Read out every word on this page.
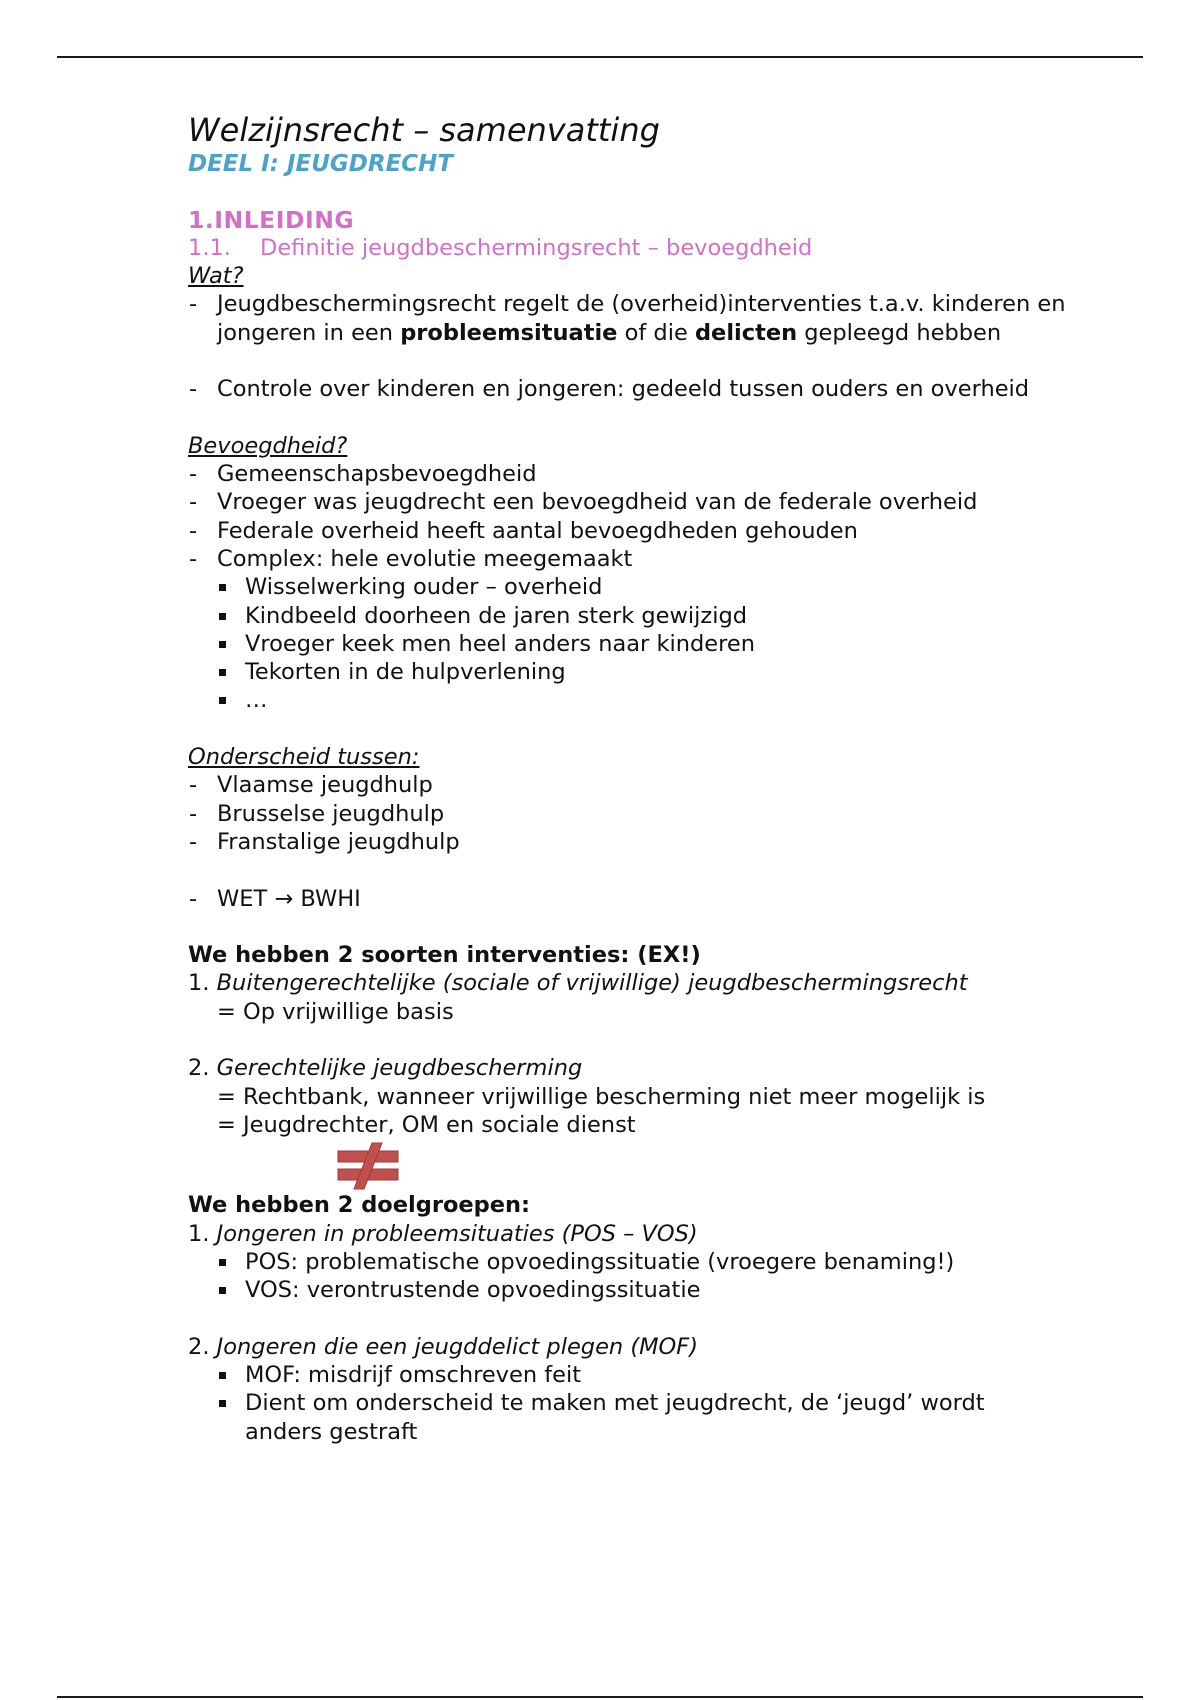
Welzijnsrecht – samenvatting

DEEL I: JEUGDRECHT

1.INLEIDING

1.1. Definitie jeugdbeschermingsrecht – bevoegdheid

Wat?

- Jeugdbeschermingsrecht regelt de (overheid)interventies t.a.v. kinderen en jongeren in een probleemsituatie of die delicten gepleegd hebben
- Controle over kinderen en jongeren: gedeeld tussen ouders en overheid

Bevoegdheid?

- Gemeenschapsbevoegdheid
- Vroeger was jeugdrecht een bevoegdheid van de federale overheid
- Federale overheid heeft aantal bevoegdheden gehouden
- Complex: hele evolutie meegemaakt
Wisselwerking ouder – overheid
Kindbeeld doorheen de jaren sterk gewijzigd
Vroeger keek men heel anders naar kinderen
Tekorten in de hulpverlening
…

Onderscheid tussen:

- Vlaamse jeugdhulp
- Brusselse jeugdhulp
- Franstalige jeugdhulp
- WET → BWHI

We hebben 2 soorten interventies: (EX!)

1. Buitengerechtelijke (sociale of vrijwillige) jeugdbeschermingsrecht
= Op vrijwillige basis
2. Gerechtelijke jeugdbescherming
= Rechtbank, wanneer vrijwillige bescherming niet meer mogelijk is
= Jeugdrechter, OM en sociale dienst

We hebben 2 doelgroepen:

1. Jongeren in probleemsituaties (POS – VOS)
POS: problematische opvoedingssituatie (vroegere benaming!)
VOS: verontrustende opvoedingssituatie
2. Jongeren die een jeugddelict plegen (MOF)
MOF: misdrijf omschreven feit
Dient om onderscheid te maken met jeugdrecht, de ‘jeugd’ wordt anders gestraft
